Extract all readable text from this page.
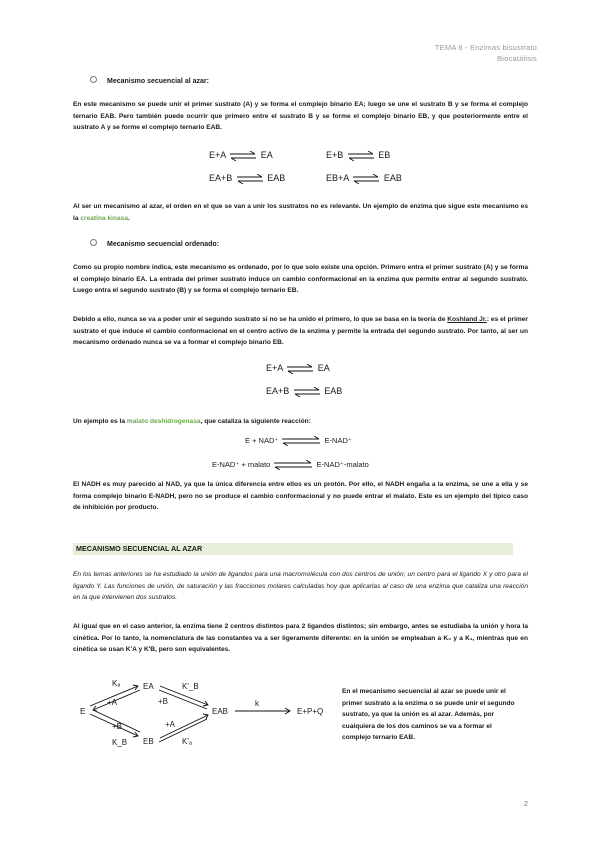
TEMA 8 - Enzimas bisustrato
Biocatálisis
Mecanismo secuencial al azar:
En este mecanismo se puede unir el primer sustrato (A) y se forma el complejo binario EA; luego se une el sustrato B y se forma el complejo ternario EAB. Pero también puede ocurrir que primero entre el sustrato B y se forme el complejo binario EB, y que posteriormente entre el sustrato A y se forme el complejo ternario EAB.
E+A ⇌ EA	E+B ⇌ EB
EA+B ⇌ EAB	EB+A ⇌ EAB
Al ser un mecanismo al azar, el orden en el que se van a unir los sustratos no es relevante. Un ejemplo de enzima que sigue este mecanismo es la creatina kinasa.
Mecanismo secuencial ordenado:
Como su propio nombre indica, este mecanismo es ordenado, por lo que solo existe una opción. Primero entra el primer sustrato (A) y se forma el complejo binario EA. La entrada del primer sustrato induce un cambio conformacional en la enzima que permite entrar al segundo sustrato. Luego entra el segundo sustrato (B) y se forma el complejo ternario EB.
Debido a ello, nunca se va a poder unir el segundo sustrato si no se ha unido el primero, lo que se basa en la teoría de Koshland Jr.: es el primer sustrato el que induce el cambio conformacional en el centro activo de la enzima y permite la entrada del segundo sustrato. Por tanto, al ser un mecanismo ordenado nunca se va a formar el complejo binario EB.
E+A ⇌ EA
EA+B ⇌ EAB
Un ejemplo es la malato deshidrogenasa, que cataliza la siguiente reacción:
E + NAD⁺	E-NAD⁺
E-NAD⁺ + malato	E-NAD⁺-malato
El NADH es muy parecido al NAD, ya que la única diferencia entre ellos es un protón. Por ello, el NADH engaña a la enzima, se une a ella y se forma complejo binario E-NADH, pero no se produce el cambio conformacional y no puede entrar el malato. Este es un ejemplo del típico caso de inhibición por producto.
MECANISMO SECUENCIAL AL AZAR
En los temas anteriores se ha estudiado la unión de ligandos para una macromolécula con dos centros de unión; un centro para el ligando X y otro para el ligando Y. Las funciones de unión, de saturación y las fracciones molares calculadas hoy que aplicarlas al caso de una enzima que cataliza una reacción en la que intervienen dos sustratos.
Al igual que en el caso anterior, la enzima tiene 2 centros distintos para 2 ligandos distintos; sin embargo, antes se estudiaba la unión y hora la cinética. Por lo tanto, la nomenclatura de las constantes va a ser ligeramente diferente: en la unión se empleaban a K₀ y a K₁, mientras que en cinética se usan K'A y K'B, pero son equivalentes.
E
EA
EB
EAB	E+P+Q
Kₐ
K_B
K'_B
K'ₐ
+A
+B
+B
+A
k
En el mecanismo secuencial al azar se puede unir el primer sustrato a la enzima o se puede unir el segundo sustrato, ya que la unión es al azar. Además, por cualquiera de los dos caminos se va a formar el complejo ternario EAB.
2
